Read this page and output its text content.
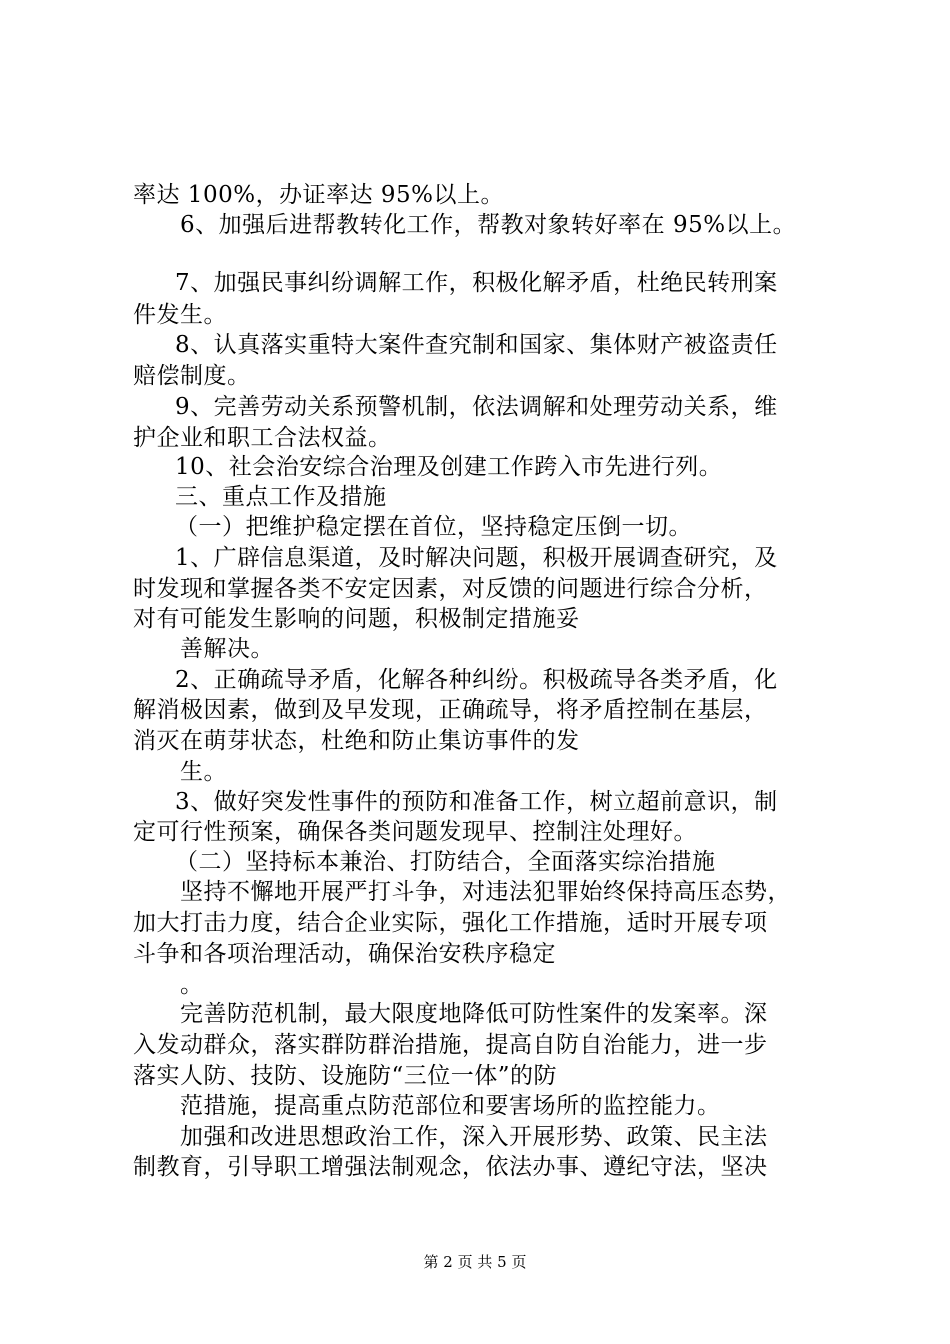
率达 100%，办证率达 95%以上。
6、加强后进帮教转化工作，帮教对象转好率在 95%以上。
7、加强民事纠纷调解工作，积极化解矛盾，杜绝民转刑案
件发生。
8、认真落实重特大案件查究制和国家、集体财产被盗责任
赔偿制度。
9、完善劳动关系预警机制，依法调解和处理劳动关系，维
护企业和职工合法权益。
10、社会治安综合治理及创建工作跨入市先进行列。
三、重点工作及措施
（一）把维护稳定摆在首位，坚持稳定压倒一切。
1、广辟信息渠道，及时解决问题，积极开展调查研究，及
时发现和掌握各类不安定因素，对反馈的问题进行综合分析，
对有可能发生影响的问题，积极制定措施妥
善解决。
2、正确疏导矛盾，化解各种纠纷。积极疏导各类矛盾，化
解消极因素，做到及早发现，正确疏导，将矛盾控制在基层，
消灭在萌芽状态，杜绝和防止集访事件的发
生。
3、做好突发性事件的预防和准备工作，树立超前意识，制
定可行性预案，确保各类问题发现早、控制注处理好。
（二）坚持标本兼治、打防结合，全面落实综治措施
坚持不懈地开展严打斗争，对违法犯罪始终保持高压态势，
加大打击力度，结合企业实际，强化工作措施，适时开展专项
斗争和各项治理活动，确保治安秩序稳定
。
完善防范机制，最大限度地降低可防性案件的发案率。深
入发动群众，落实群防群治措施，提高自防自治能力，进一步
落实人防、技防、设施防“三位一体”的防
范措施，提高重点防范部位和要害场所的监控能力。
加强和改进思想政治工作，深入开展形势、政策、民主法
制教育，引导职工增强法制观念，依法办事、遵纪守法，坚决
第 2 页 共 5 页
